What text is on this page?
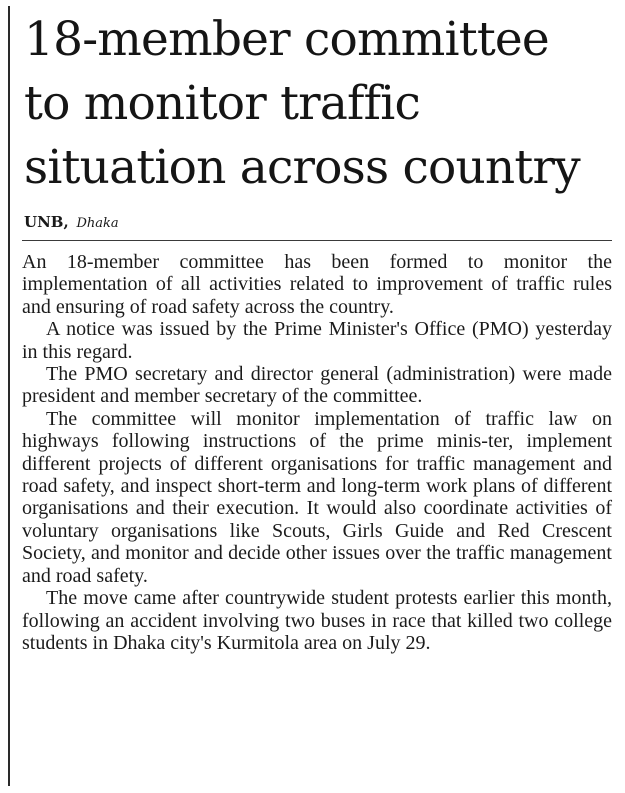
18-member committee
to monitor traffic
situation across country
UNB, Dhaka

An 18-member committee has been formed to monitor the implementation of all activities related to improvement of traffic rules and ensuring of road safety across the country.

A notice was issued by the Prime Minister's Office (PMO) yesterday in this regard.

The PMO secretary and director general (administration) were made president and member secretary of the committee.

The committee will monitor implementation of traffic law on highways following instructions of the prime minis-ter, implement different projects of different organisations for traffic management and road safety, and inspect short-term and long-term work plans of different organisations and their execution. It would also coordinate activities of voluntary organisations like Scouts, Girls Guide and Red Crescent Society, and monitor and decide other issues over the traffic management and road safety.

The move came after countrywide student protests earlier this month, following an accident involving two buses in race that killed two college students in Dhaka city's Kurmitola area on July 29.
